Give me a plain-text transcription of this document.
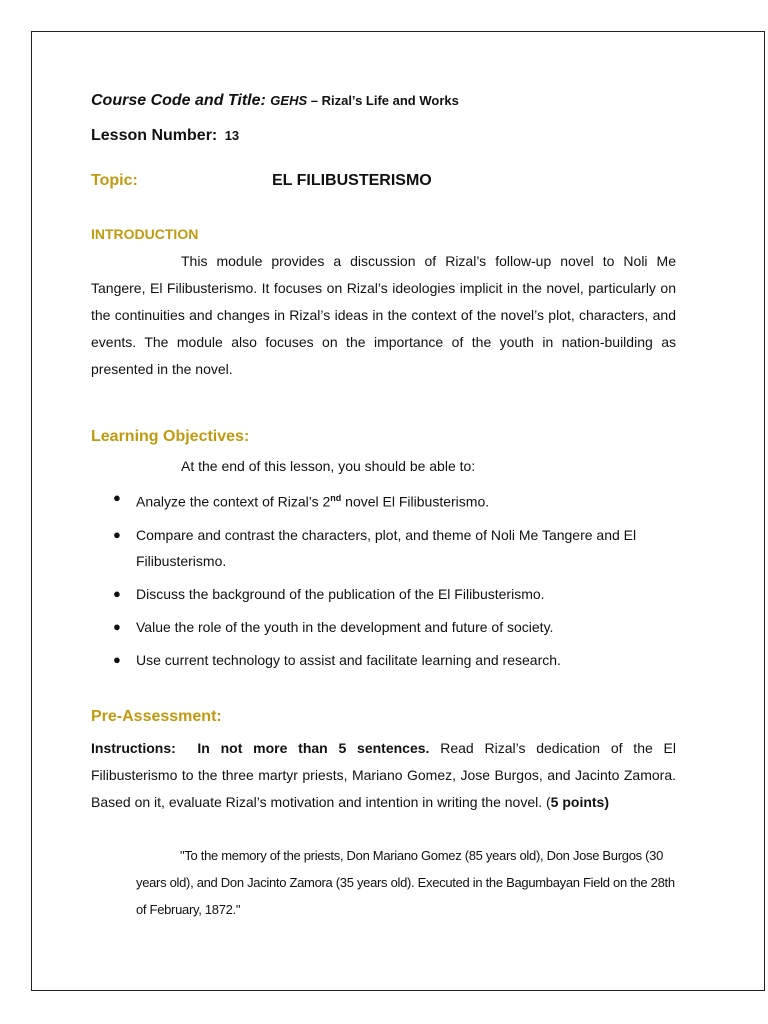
Course Code and Title: GEHS – Rizal’s Life and Works
Lesson Number: 13
Topic:	EL FILIBUSTERISMO
INTRODUCTION

This module provides a discussion of Rizal’s follow-up novel to Noli Me Tangere, El Filibusterismo. It focuses on Rizal’s ideologies implicit in the novel, particularly on the continuities and changes in Rizal’s ideas in the context of the novel’s plot, characters, and events. The module also focuses on the importance of the youth in nation-building as presented in the novel.

Learning Objectives:
At the end of this lesson, you should be able to:
● Analyze the context of Rizal’s 2nd novel El Filibusterismo.
● Compare and contrast the characters, plot, and theme of Noli Me Tangere and El Filibusterismo.
● Discuss the background of the publication of the El Filibusterismo.
● Value the role of the youth in the development and future of society.
● Use current technology to assist and facilitate learning and research.
Pre-Assessment:

Instructions: In not more than 5 sentences. Read Rizal’s dedication of the El Filibusterismo to the three martyr priests, Mariano Gomez, Jose Burgos, and Jacinto Zamora. Based on it, evaluate Rizal’s motivation and intention in writing the novel. (5 points)

"To the memory of the priests, Don Mariano Gomez (85 years old), Don Jose Burgos (30 years old), and Don Jacinto Zamora (35 years old). Executed in the Bagumbayan Field on the 28th of February, 1872."
